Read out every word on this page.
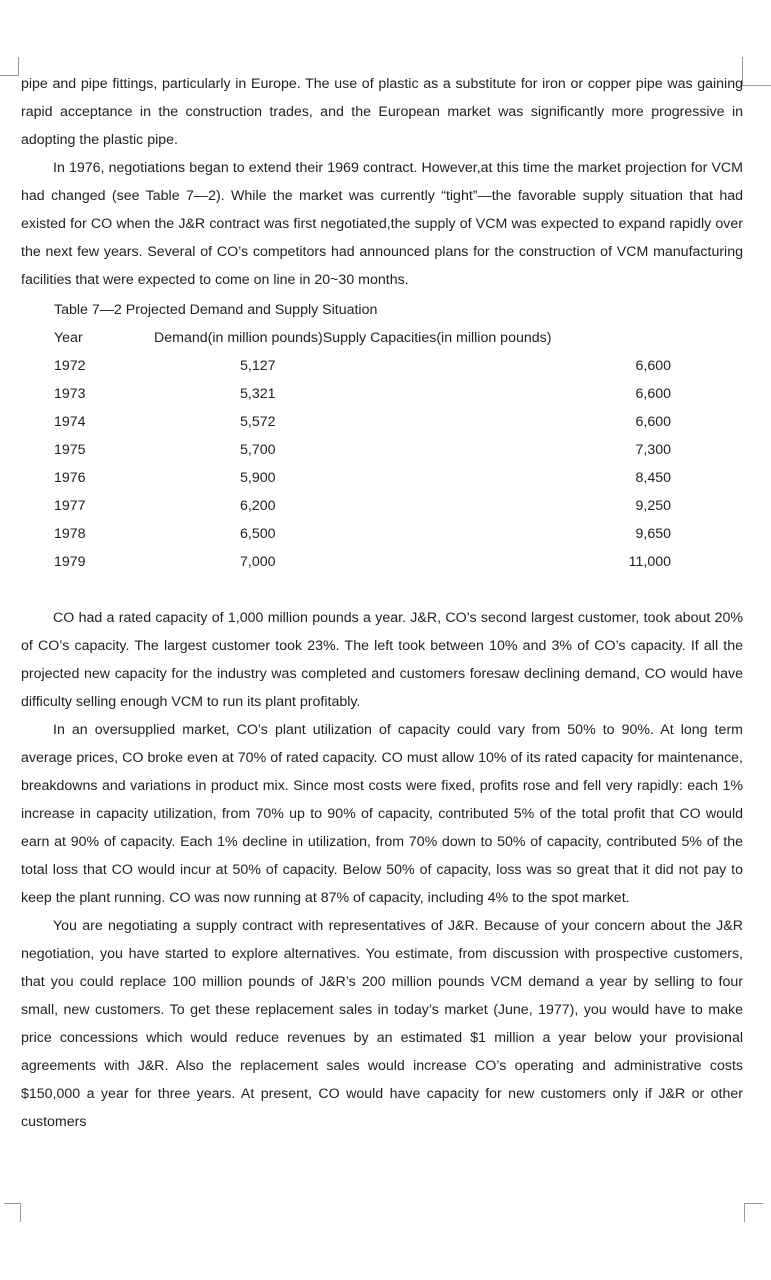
pipe and pipe fittings, particularly in Europe. The use of plastic as a substitute for iron or copper pipe was gaining rapid acceptance in the construction trades, and the European market was significantly more progressive in adopting the plastic pipe.

In 1976, negotiations began to extend their 1969 contract. However,at this time the market projection for VCM had changed (see Table 7—2). While the market was currently “tight”—the favorable supply situation that had existed for CO when the J&R contract was first negotiated,the supply of VCM was expected to expand rapidly over the next few years. Several of CO’s competitors had announced plans for the construction of VCM manufacturing facilities that were expected to come on line in 20~30 months.

Table 7—2 Projected Demand and Supply Situation
Year	Demand(in million pounds)Supply Capacities(in million pounds)
1972	5,127	6,600
1973	5,321	6,600
1974	5,572	6,600
1975	5,700	7,300
1976	5,900	8,450
1977	6,200	9,250
1978	6,500	9,650
1979	7,000	11,000

CO had a rated capacity of 1,000 million pounds a year. J&R, CO’s second largest customer, took about 20% of CO’s capacity. The largest customer took 23%. The left took between 10% and 3% of CO’s capacity. If all the projected new capacity for the industry was completed and customers foresaw declining demand, CO would have difficulty selling enough VCM to run its plant profitably.

In an oversupplied market, CO’s plant utilization of capacity could vary from 50% to 90%. At long term average prices, CO broke even at 70% of rated capacity. CO must allow 10% of its rated capacity for maintenance, breakdowns and variations in product mix. Since most costs were fixed, profits rose and fell very rapidly: each 1% increase in capacity utilization, from 70% up to 90% of capacity, contributed 5% of the total profit that CO would earn at 90% of capacity. Each 1% decline in utilization, from 70% down to 50% of capacity, contributed 5% of the total loss that CO would incur at 50% of capacity. Below 50% of capacity, loss was so great that it did not pay to keep the plant running. CO was now running at 87% of capacity, including 4% to the spot market.

You are negotiating a supply contract with representatives of J&R. Because of your concern about the J&R negotiation, you have started to explore alternatives. You estimate, from discussion with prospective customers, that you could replace 100 million pounds of J&R’s 200 million pounds VCM demand a year by selling to four small, new customers. To get these replacement sales in today’s market (June, 1977), you would have to make price concessions which would reduce revenues by an estimated $1 million a year below your provisional agreements with J&R. Also the replacement sales would increase CO’s operating and administrative costs $150,000 a year for three years. At present, CO would have capacity for new customers only if J&R or other customers
